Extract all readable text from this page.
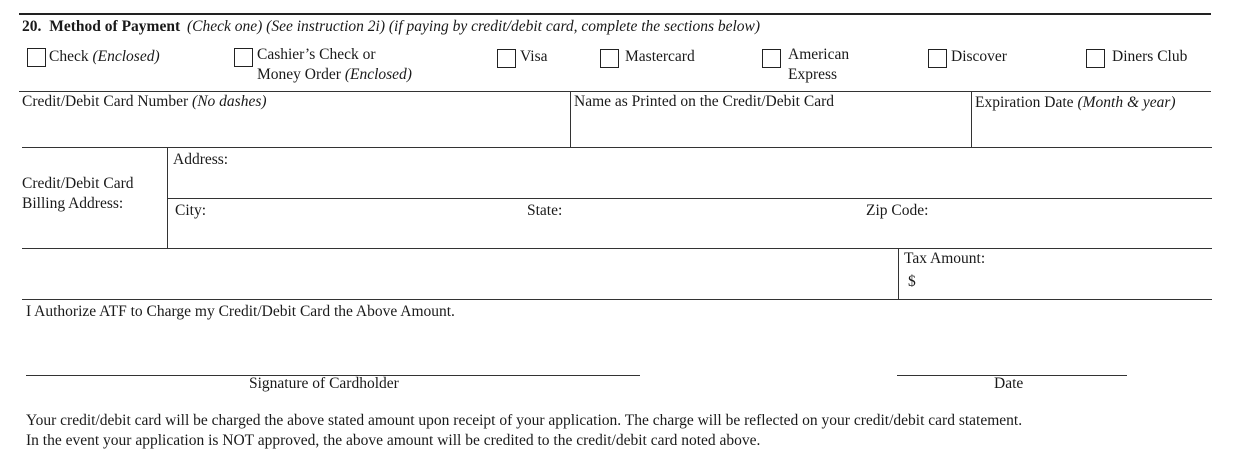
20. Method of Payment (Check one) (See instruction 2i) (if paying by credit/debit card, complete the sections below)
Check (Enclosed)	Cashier’s Check or
Money Order (Enclosed)
Visa	Mastercard	American
Express
Discover	Diners Club
Credit/Debit Card Number (No dashes)	Name as Printed on the Credit/Debit Card	Expiration Date (Month & year)
Credit/Debit Card
Billing Address:
Address:
City:	State:	Zip Code:
Tax Amount:
$
I Authorize ATF to Charge my Credit/Debit Card the Above Amount.
Signature of Cardholder	Date
Your credit/debit card will be charged the above stated amount upon receipt of your application. The charge will be reflected on your credit/debit card statement.
In the event your application is NOT approved, the above amount will be credited to the credit/debit card noted above.
